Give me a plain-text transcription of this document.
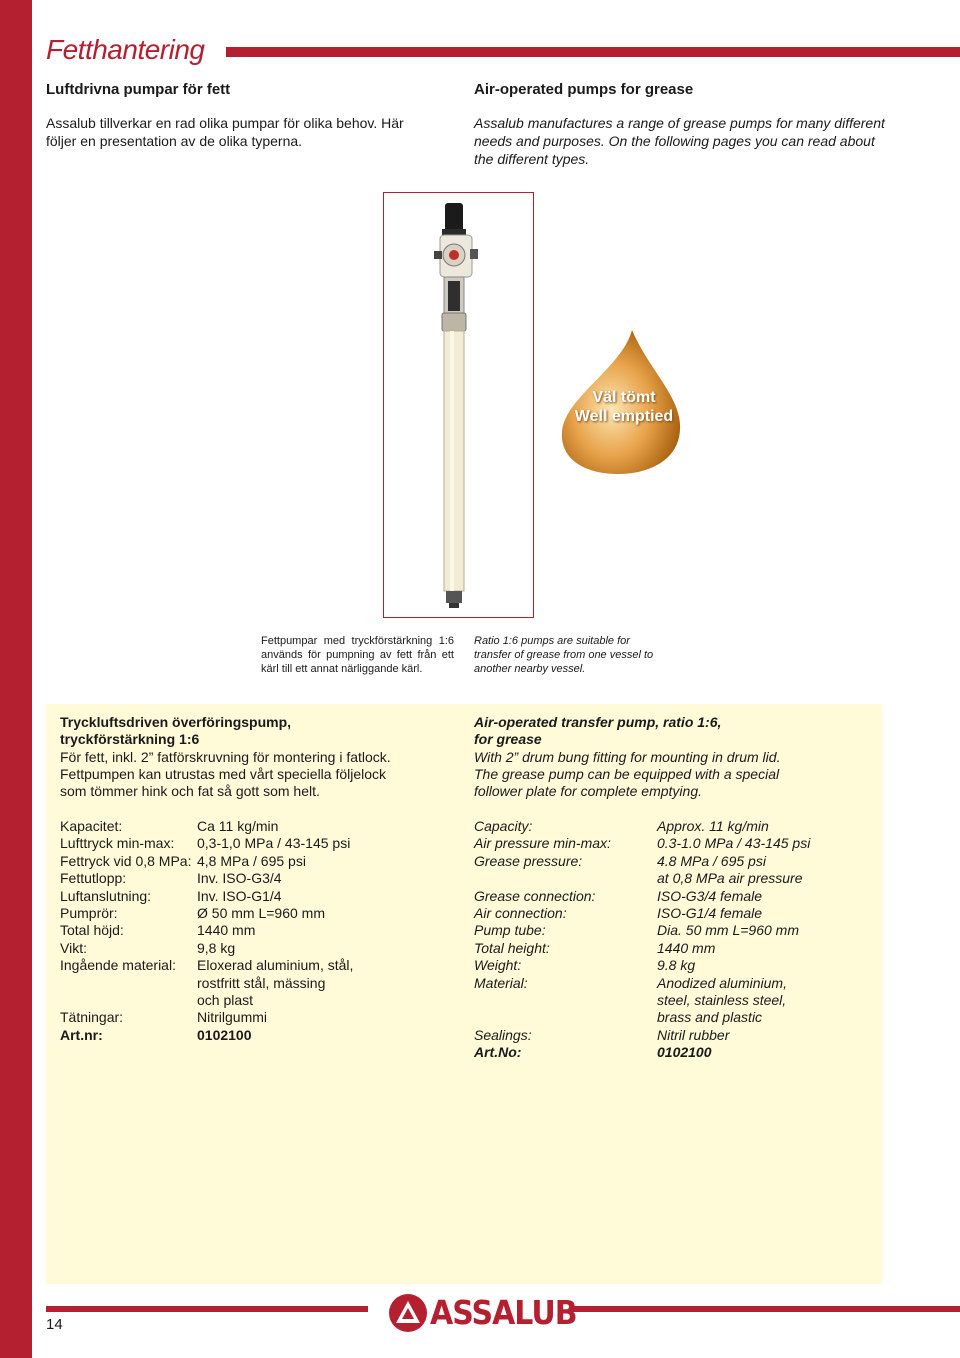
Fetthantering
Luftdrivna pumpar för fett

Assalub tillverkar en rad olika pumpar för olika behov. Här följer en presentation av de olika typerna.

Air-operated pumps for grease

Assalub manufactures a range of grease pumps for many different needs and purposes. On the following pages you can read about the different types.

Väl tömt
Well emptied

Fettpumpar med tryckförstärkning 1:6 används för pumpning av fett från ett kärl till ett annat närliggande kärl.

Ratio 1:6 pumps are suitable for transfer of grease from one vessel to another nearby vessel.

Tryckluftsdriven överföringspump,

tryckförstärkning 1:6

För fett, inkl. 2” fatförskruvning för montering i fatlock.

Fettpumpen kan utrustas med vårt speciella följelock

som tömmer hink och fat så gott som helt.

Air-operated transfer pump, ratio 1:6,

for grease

With 2” drum bung fitting for mounting in drum lid.

The grease pump can be equipped with a special

follower plate for complete emptying.

Kapacitet:	Ca 11 kg/min
Lufttryck min-max:	0,3-1,0 MPa / 43-145 psi
Fettryck vid 0,8 MPa:	4,8 MPa / 695 psi
Fettutlopp:	Inv. ISO-G3/4
Luftanslutning:	Inv. ISO-G1/4
Pumprör:	Ø 50 mm L=960 mm
Total höjd:	1440 mm
Vikt:	9,8 kg
Ingående material:	Eloxerad aluminium, stål,
	rostfritt stål, mässing
	och plast
Tätningar:	Nitrilgummi
Art.nr:	0102100
Capacity:	Approx. 11 kg/min
Air pressure min-max:	0.3-1.0 MPa / 43-145 psi
Grease pressure:	4.8 MPa / 695 psi
	at 0,8 MPa air pressure
Grease connection:	ISO-G3/4 female
Air connection:	ISO-G1/4 female
Pump tube:	Dia. 50 mm L=960 mm
Total height:	1440 mm
Weight:	9.8 kg
Material:	Anodized aluminium,
	steel, stainless steel,
	brass and plastic
Sealings:	Nitril rubber
Art.No:	0102100
14	ASSALUB
